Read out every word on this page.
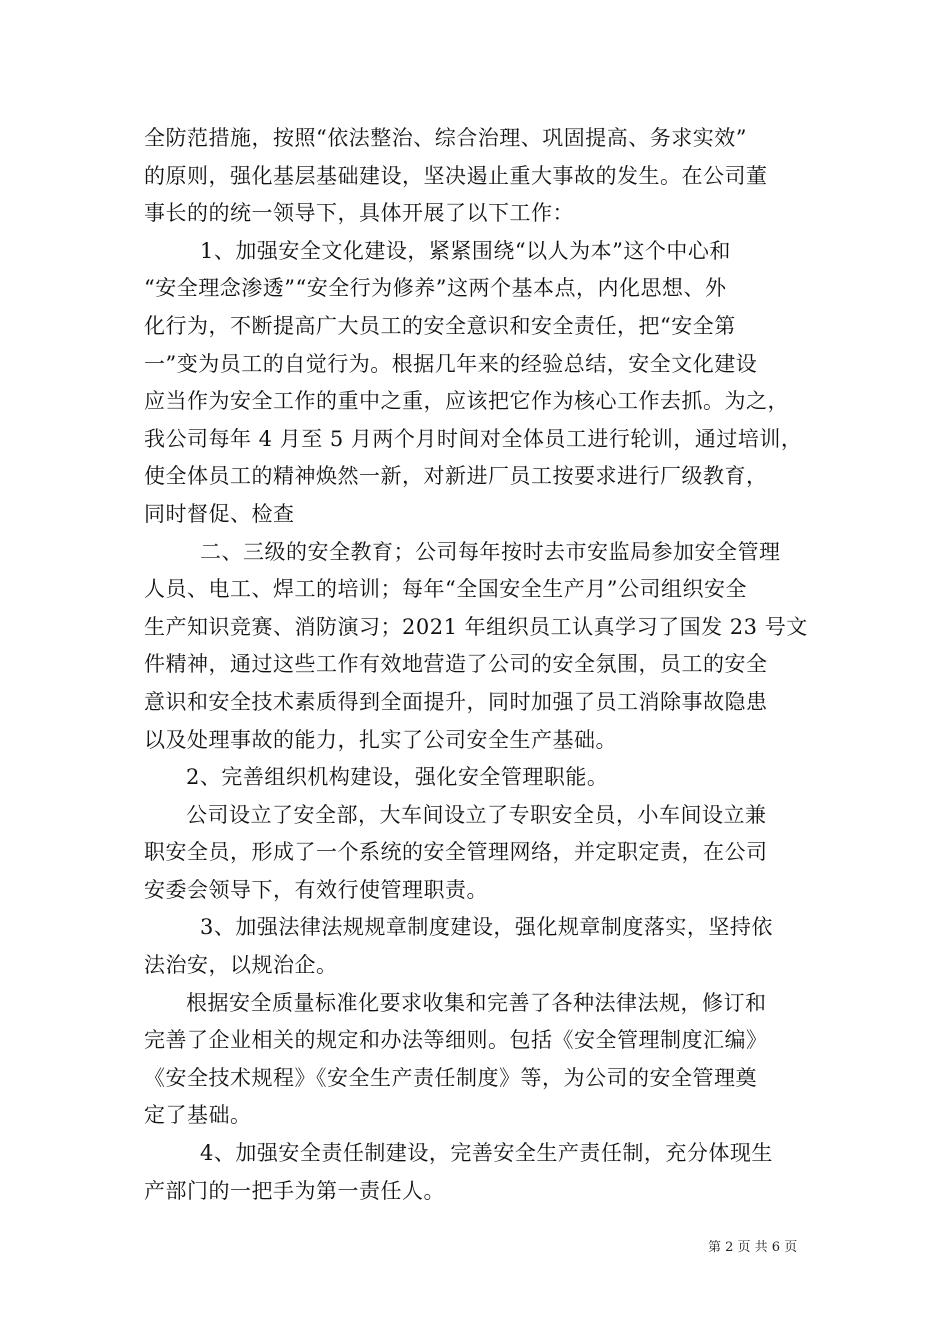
全防范措施，按照“依法整治、综合治理、巩固提高、务求实效”
的原则，强化基层基础建设，坚决遏止重大事故的发生。在公司董
事长的的统一领导下，具体开展了以下工作：
1、加强安全文化建设，紧紧围绕“以人为本”这个中心和
“安全理念渗透”“安全行为修养”这两个基本点，内化思想、外
化行为，不断提高广大员工的安全意识和安全责任，把“安全第
一”变为员工的自觉行为。根据几年来的经验总结，安全文化建设
应当作为安全工作的重中之重，应该把它作为核心工作去抓。为之，
我公司每年 4 月至 5 月两个月时间对全体员工进行轮训，通过培训，
使全体员工的精神焕然一新，对新进厂员工按要求进行厂级教育，
同时督促、检查
二、三级的安全教育；公司每年按时去市安监局参加安全管理
人员、电工、焊工的培训；每年“全国安全生产月”公司组织安全
生产知识竞赛、消防演习；2021 年组织员工认真学习了国发 23 号文
件精神，通过这些工作有效地营造了公司的安全氛围，员工的安全
意识和安全技术素质得到全面提升，同时加强了员工消除事故隐患
以及处理事故的能力，扎实了公司安全生产基础。
2、完善组织机构建设，强化安全管理职能。
公司设立了安全部，大车间设立了专职安全员，小车间设立兼
职安全员，形成了一个系统的安全管理网络，并定职定责，在公司
安委会领导下，有效行使管理职责。
3、加强法律法规规章制度建设，强化规章制度落实，坚持依
法治安，以规治企。
根据安全质量标准化要求收集和完善了各种法律法规，修订和
完善了企业相关的规定和办法等细则。包括《安全管理制度汇编》
《安全技术规程》《安全生产责任制度》等，为公司的安全管理奠
定了基础。
4、加强安全责任制建设，完善安全生产责任制，充分体现生
产部门的一把手为第一责任人。
第 2 页 共 6 页
